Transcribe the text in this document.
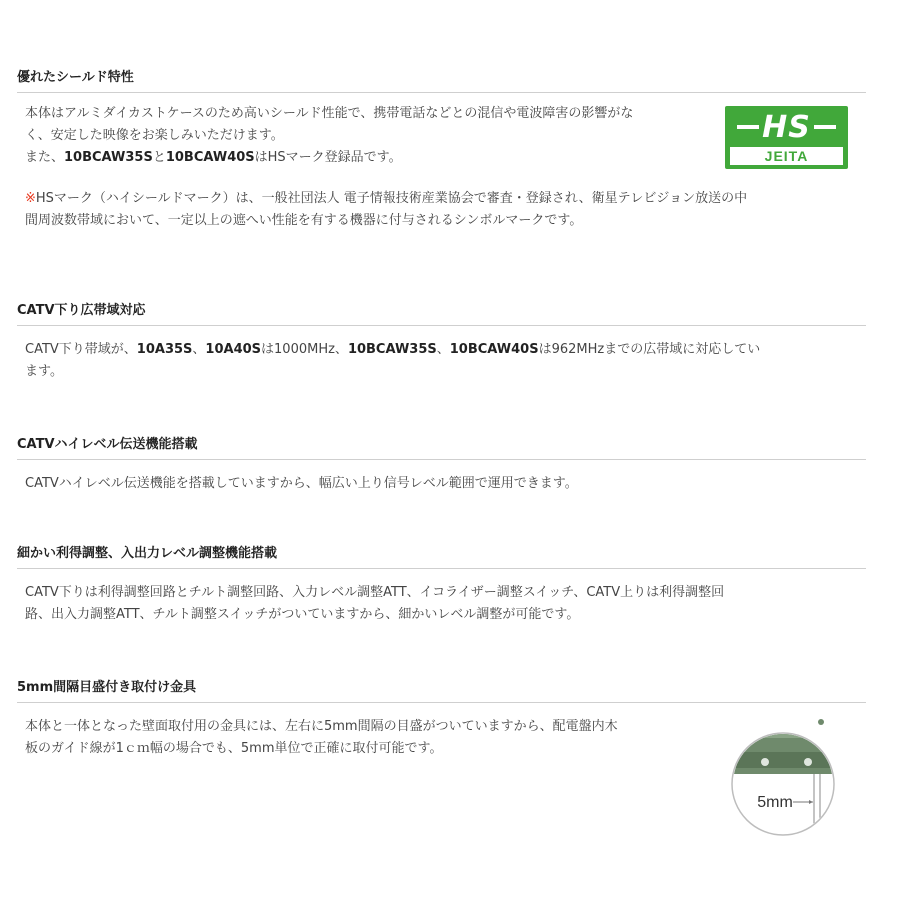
優れたシールド特性

本体はアルミダイカストケースのため高いシールド性能で、携帯電話などとの混信や電波障害の影響がな
く、安定した映像をお楽しみいただけます。
また、10BCAW35Sと10BCAW40SはHSマーク登録品です。

※HSマーク（ハイシールドマーク）は、一般社団法人 電子情報技術産業協会で審査・登録され、衛星テレビジョン放送の中
間周波数帯域において、一定以上の遮へい性能を有する機器に付与されるシンボルマークです。

HS
JEITA
CATV下り広帯域対応

CATV下り帯域が、10A35S、10A40Sは1000MHz、10BCAW35S、10BCAW40Sは962MHzまでの広帯域に対応してい
ます。

CATVハイレベル伝送機能搭載

CATVハイレベル伝送機能を搭載していますから、幅広い上り信号レベル範囲で運用できます。

細かい利得調整、入出力レベル調整機能搭載

CATV下りは利得調整回路とチルト調整回路、入力レベル調整ATT、イコライザー調整スイッチ、CATV上りは利得調整回
路、出入力調整ATT、チルト調整スイッチがついていますから、細かいレベル調整が可能です。

5mm間隔目盛付き取付け金具

本体と一体となった壁面取付用の金具には、左右に5mm間隔の目盛がついていますから、配電盤内木
板のガイド線が1ｃｍ幅の場合でも、5mm単位で正確に取付可能です。

5mm
